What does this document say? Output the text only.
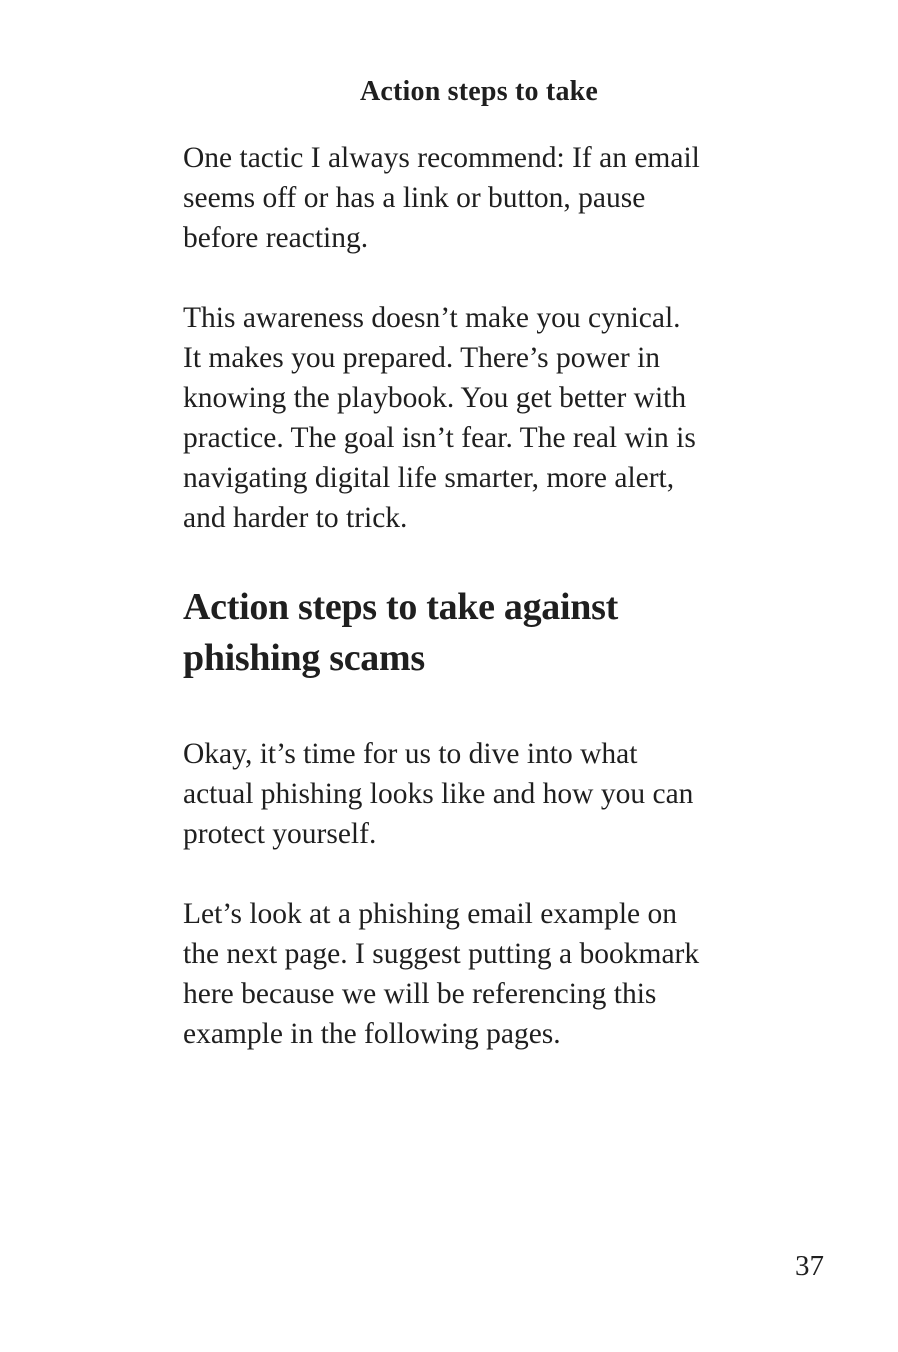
Action steps to take

One tactic I always recommend: If an email
seems off or has a link or button, pause
before reacting.

This awareness doesn’t make you cynical.
It makes you prepared. There’s power in
knowing the playbook. You get better with
practice. The goal isn’t fear. The real win is
navigating digital life smarter, more alert,
and harder to trick.

Action steps to take against
phishing scams

Okay, it’s time for us to dive into what
actual phishing looks like and how you can
protect yourself.

Let’s look at a phishing email example on
the next page. I suggest putting a bookmark
here because we will be referencing this
example in the following pages.

37
